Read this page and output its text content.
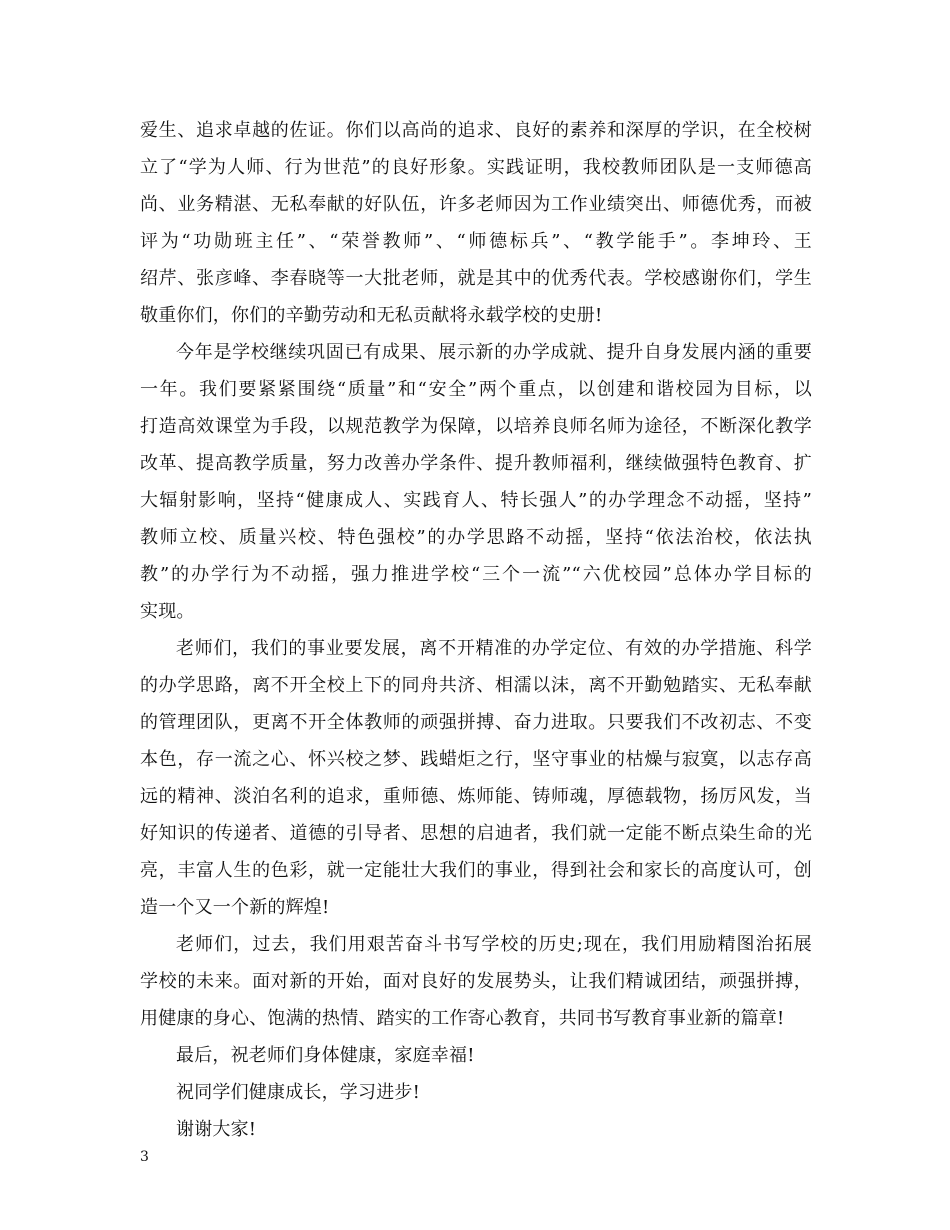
爱生、追求卓越的佐证。你们以高尚的追求、良好的素养和深厚的学识，在全校树
立了“学为人师、行为世范”的良好形象。实践证明，我校教师团队是一支师德高
尚、业务精湛、无私奉献的好队伍，许多老师因为工作业绩突出、师德优秀，而被
评为“功勋班主任”、“荣誉教师”、“师德标兵”、“教学能手”。李坤玲、王
绍芹、张彦峰、李春晓等一大批老师，就是其中的优秀代表。学校感谢你们，学生
敬重你们，你们的辛勤劳动和无私贡献将永载学校的史册!
今年是学校继续巩固已有成果、展示新的办学成就、提升自身发展内涵的重要
一年。我们要紧紧围绕“质量”和“安全”两个重点，以创建和谐校园为目标，以
打造高效课堂为手段，以规范教学为保障，以培养良师名师为途径，不断深化教学
改革、提高教学质量，努力改善办学条件、提升教师福利，继续做强特色教育、扩
大辐射影响，坚持“健康成人、实践育人、特长强人”的办学理念不动摇，坚持”
教师立校、质量兴校、特色强校”的办学思路不动摇，坚持“依法治校，依法执
教”的办学行为不动摇，强力推进学校“三个一流”“六优校园”总体办学目标的
实现。
老师们，我们的事业要发展，离不开精准的办学定位、有效的办学措施、科学
的办学思路，离不开全校上下的同舟共济、相濡以沫，离不开勤勉踏实、无私奉献
的管理团队，更离不开全体教师的顽强拼搏、奋力进取。只要我们不改初志、不变
本色，存一流之心、怀兴校之梦、践蜡炬之行，坚守事业的枯燥与寂寞，以志存高
远的精神、淡泊名利的追求，重师德、炼师能、铸师魂，厚德载物，扬厉风发，当
好知识的传递者、道德的引导者、思想的启迪者，我们就一定能不断点染生命的光
亮，丰富人生的色彩，就一定能壮大我们的事业，得到社会和家长的高度认可，创
造一个又一个新的辉煌!
老师们，过去，我们用艰苦奋斗书写学校的历史;现在，我们用励精图治拓展
学校的未来。面对新的开始，面对良好的发展势头，让我们精诚团结，顽强拼搏，
用健康的身心、饱满的热情、踏实的工作寄心教育，共同书写教育事业新的篇章!
最后，祝老师们身体健康，家庭幸福!
祝同学们健康成长，学习进步!
谢谢大家!
3
